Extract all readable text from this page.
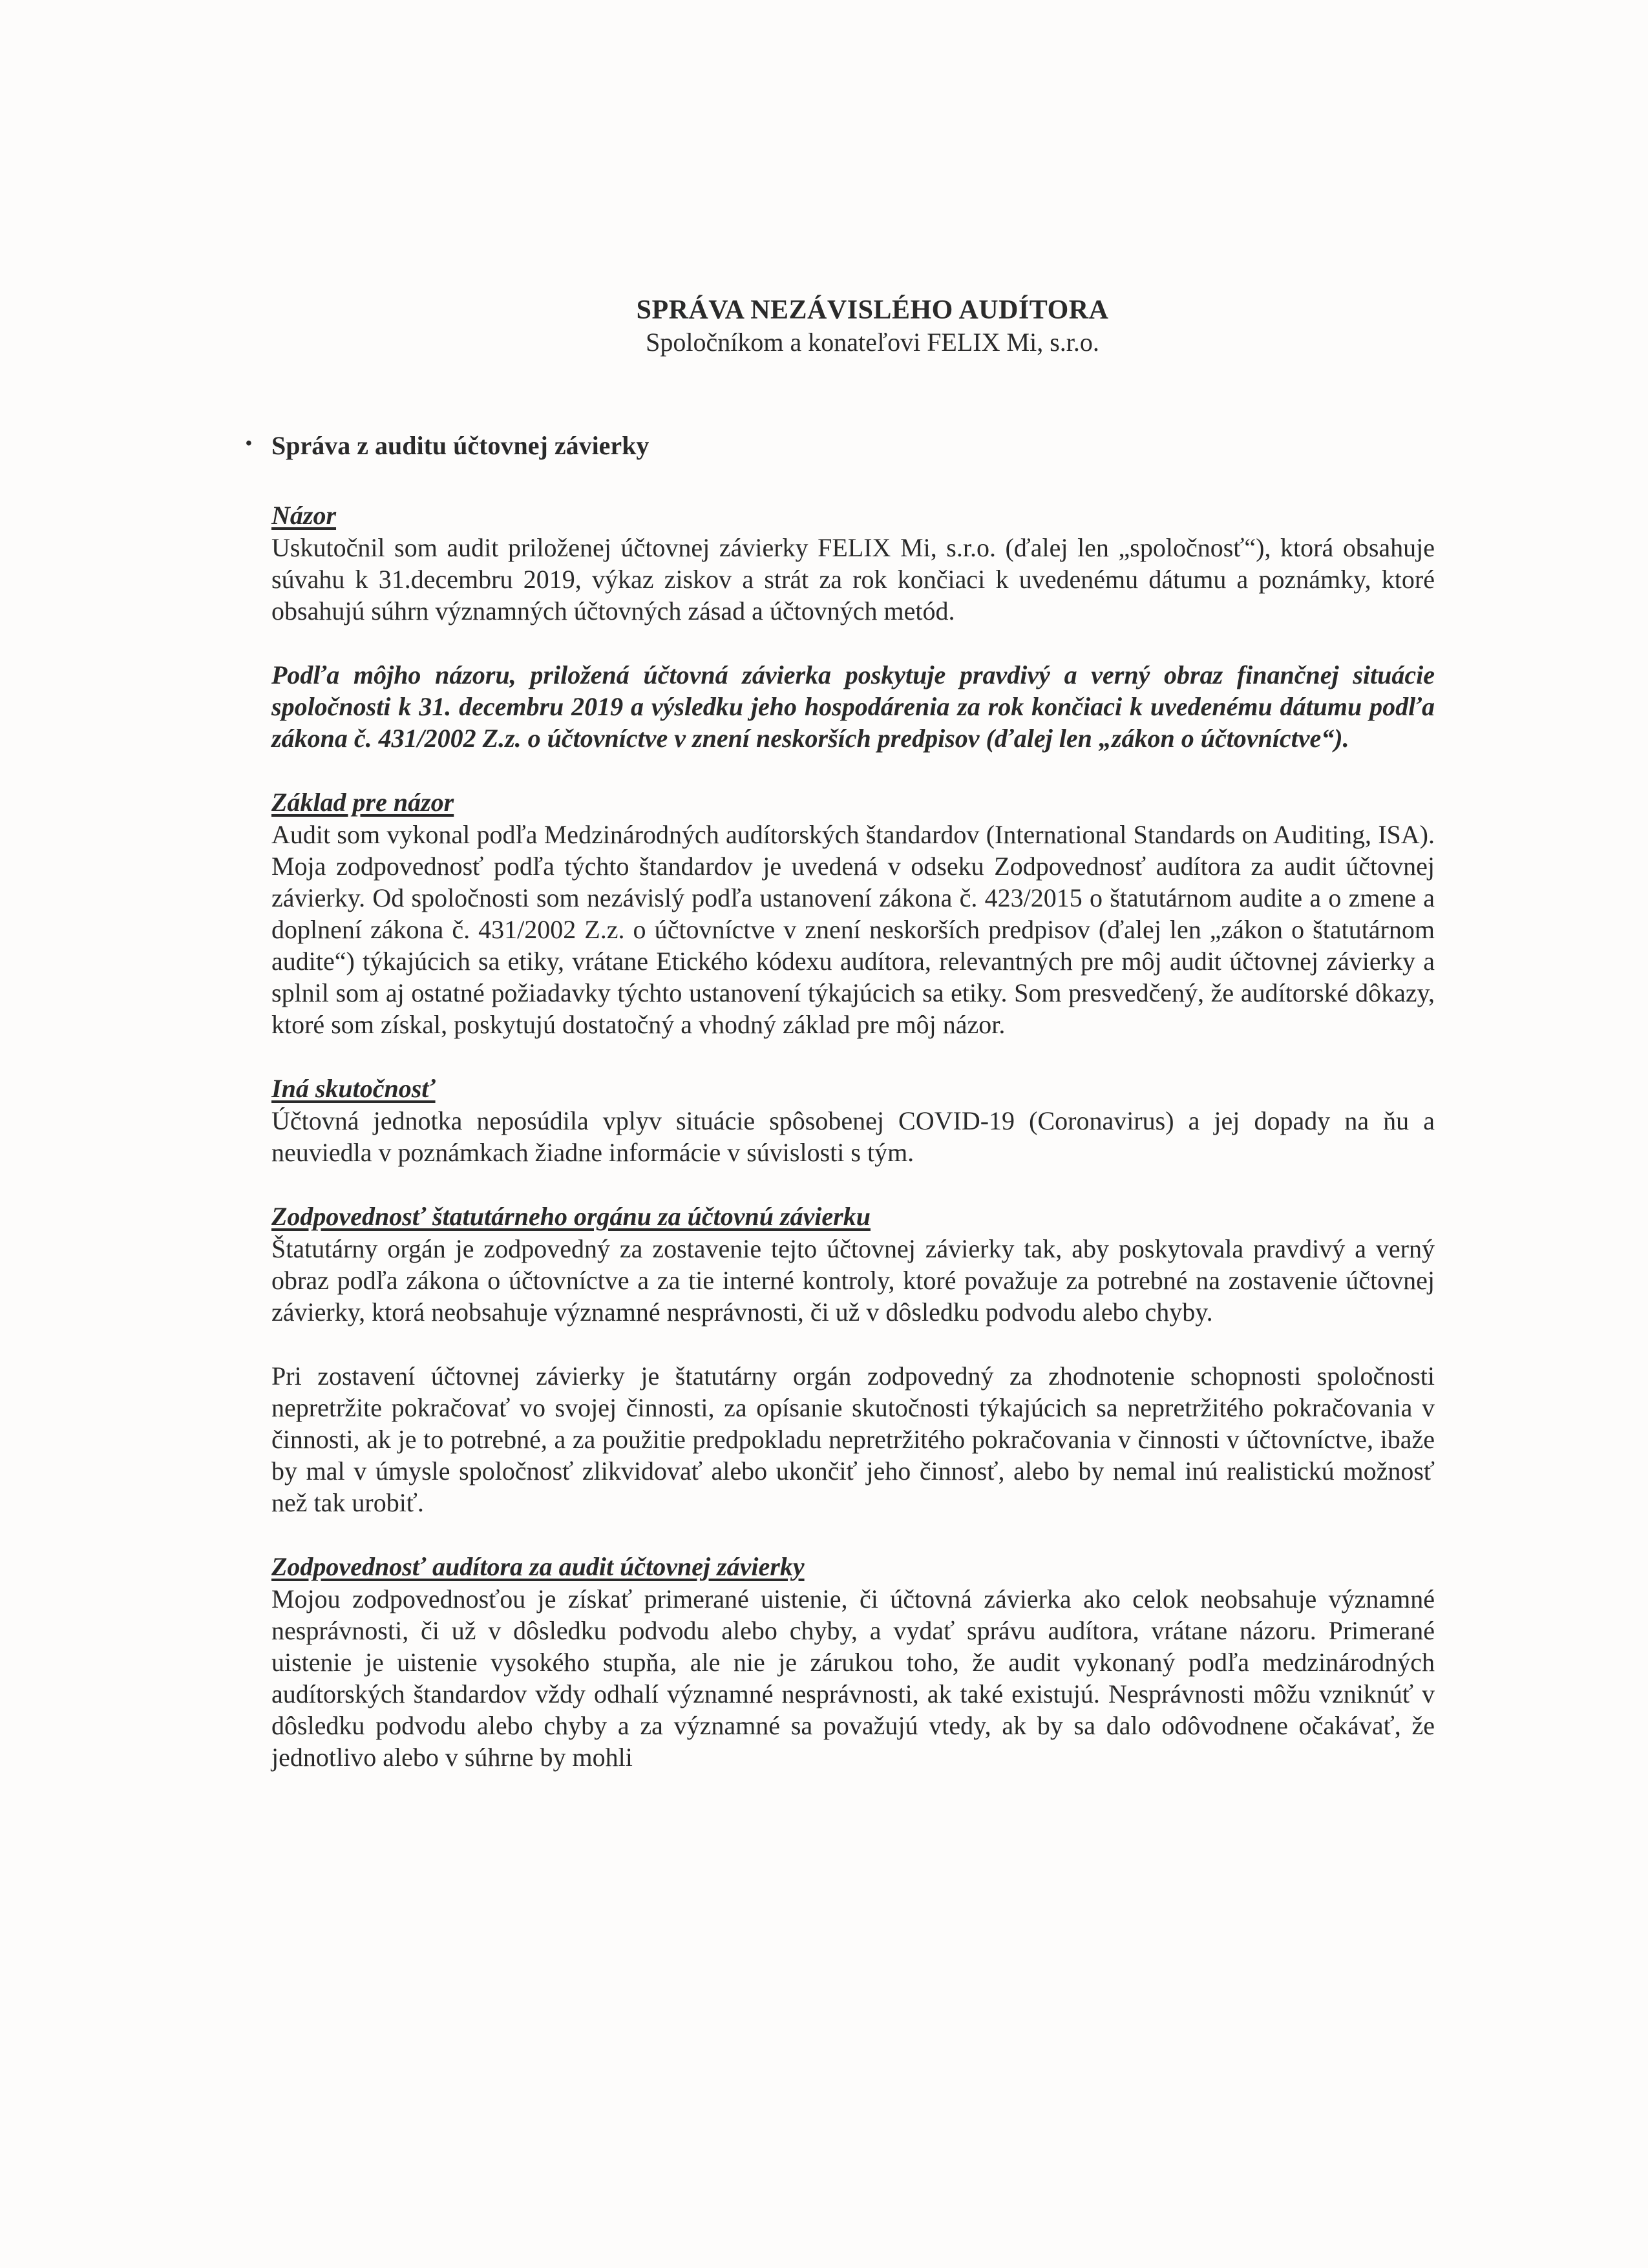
SPRÁVA NEZÁVISLÉHO AUDÍTORA
Spoločníkom a konateľovi FELIX Mi, s.r.o.
• Správa z auditu účtovnej závierky
Názor
Uskutočnil som audit priloženej účtovnej závierky FELIX Mi, s.r.o. (ďalej len „spoločnosť“), ktorá obsahuje súvahu k 31.decembru 2019, výkaz ziskov a strát za rok končiaci k uvedenému dátumu a poznámky, ktoré obsahujú súhrn významných účtovných zásad a účtovných metód.
Podľa môjho názoru, priložená účtovná závierka poskytuje pravdivý a verný obraz finančnej situácie spoločnosti k 31. decembru 2019 a výsledku jeho hospodárenia za rok končiaci k uvedenému dátumu podľa zákona č. 431/2002 Z.z. o účtovníctve v znení neskorších predpisov (ďalej len „zákon o účtovníctve“).
Základ pre názor
Audit som vykonal podľa Medzinárodných audítorských štandardov (International Standards on Auditing, ISA). Moja zodpovednosť podľa týchto štandardov je uvedená v odseku Zodpovednosť audítora za audit účtovnej závierky. Od spoločnosti som nezávislý podľa ustanovení zákona č. 423/2015 o štatutárnom audite a o zmene a doplnení zákona č. 431/2002 Z.z. o účtovníctve v znení neskorších predpisov (ďalej len „zákon o štatutárnom audite“) týkajúcich sa etiky, vrátane Etického kódexu audítora, relevantných pre môj audit účtovnej závierky a splnil som aj ostatné požiadavky týchto ustanovení týkajúcich sa etiky. Som presvedčený, že audítorské dôkazy, ktoré som získal, poskytujú dostatočný a vhodný základ pre môj názor.
Iná skutočnosť
Účtovná jednotka neposúdila vplyv situácie spôsobenej COVID-19 (Coronavirus) a jej dopady na ňu a neuviedla v poznámkach žiadne informácie v súvislosti s tým.
Zodpovednosť štatutárneho orgánu za účtovnú závierku
Štatutárny orgán je zodpovedný za zostavenie tejto účtovnej závierky tak, aby poskytovala pravdivý a verný obraz podľa zákona o účtovníctve a za tie interné kontroly, ktoré považuje za potrebné na zostavenie účtovnej závierky, ktorá neobsahuje významné nesprávnosti, či už v dôsledku podvodu alebo chyby.
Pri zostavení účtovnej závierky je štatutárny orgán zodpovedný za zhodnotenie schopnosti spoločnosti nepretržite pokračovať vo svojej činnosti, za opísanie skutočnosti týkajúcich sa nepretržitého pokračovania v činnosti, ak je to potrebné, a za použitie predpokladu nepretržitého pokračovania v činnosti v účtovníctve, ibaže by mal v úmysle spoločnosť zlikvidovať alebo ukončiť jeho činnosť, alebo by nemal inú realistickú možnosť než tak urobiť.
Zodpovednosť audítora za audit účtovnej závierky
Mojou zodpovednosťou je získať primerané uistenie, či účtovná závierka ako celok neobsahuje významné nesprávnosti, či už v dôsledku podvodu alebo chyby, a vydať správu audítora, vrátane názoru. Primerané uistenie je uistenie vysokého stupňa, ale nie je zárukou toho, že audit vykonaný podľa medzinárodných audítorských štandardov vždy odhalí významné nesprávnosti, ak také existujú. Nesprávnosti môžu vzniknúť v dôsledku podvodu alebo chyby a za významné sa považujú vtedy, ak by sa dalo odôvodnene očakávať, že jednotlivo alebo v súhrne by mohli
